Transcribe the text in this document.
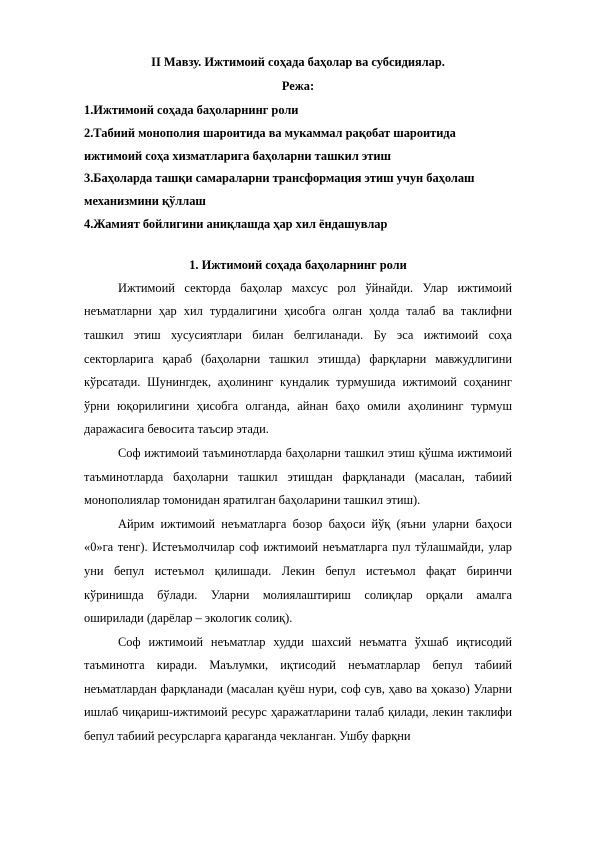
II Мавзу. Ижтимоий соҳада баҳолар ва субсидиялар.

Режа:

1.Ижтимоий соҳада баҳоларнинг роли

2.Табиий монополия шароитида ва мукаммал рақобат шароитида ижтимоий соҳа хизматларига баҳоларни ташкил этиш

3.Баҳоларда ташқи самараларни трансформация этиш учун баҳолаш механизмини қўллаш

4.Жамият бойлигини аниқлашда ҳар хил ёндашувлар

1. Ижтимоий соҳада баҳоларнинг роли

Ижтимоий секторда баҳолар махсус рол ўйнайди. Улар ижтимоий неъматларни ҳар хил турдалигини ҳисобга олган ҳолда талаб ва таклифни ташкил этиш хусусиятлари билан белгиланади. Бу эса ижтимоий соҳа секторларига қараб (баҳоларни ташкил этишда) фарқларни мавжудлигини кўрсатади. Шунингдек, аҳолининг кундалик турмушида ижтимоий соҳанинг ўрни юқорилигини ҳисобга олганда, айнан баҳо омили аҳолининг турмуш даражасига бевосита таъсир этади.

Соф ижтимоий таъминотларда баҳоларни ташкил этиш қўшма ижтимоий таъминотларда баҳоларни ташкил этишдан фарқланади (масалан, табиий монополиялар томонидан яратилган баҳоларини ташкил этиш).

Айрим ижтимоий неъматларга бозор баҳоси йўқ (яъни уларни баҳоси «0»га тенг). Истеъмолчилар соф ижтимоий неъматларга пул тўлашмайди, улар уни бепул истеъмол қилишади. Лекин бепул истеъмол фақат биринчи кўринишда бўлади. Уларни молиялаштириш солиқлар орқали амалга оширилади (дарёлар – экологик солиқ).

Соф ижтимоий неъматлар худди шахсий неъматга ўхшаб иқтисодий таъминотга киради. Маълумки, иқтисодий неъматларлар бепул табиий неъматлардан фарқланади (масалан қуёш нури, соф сув, ҳаво ва ҳоказо) Уларни ишлаб чиқариш-ижтимоий ресурс ҳаражатларини талаб қилади, лекин таклифи бепул табиий ресурсларга қараганда чекланган. Ушбу фарқни
